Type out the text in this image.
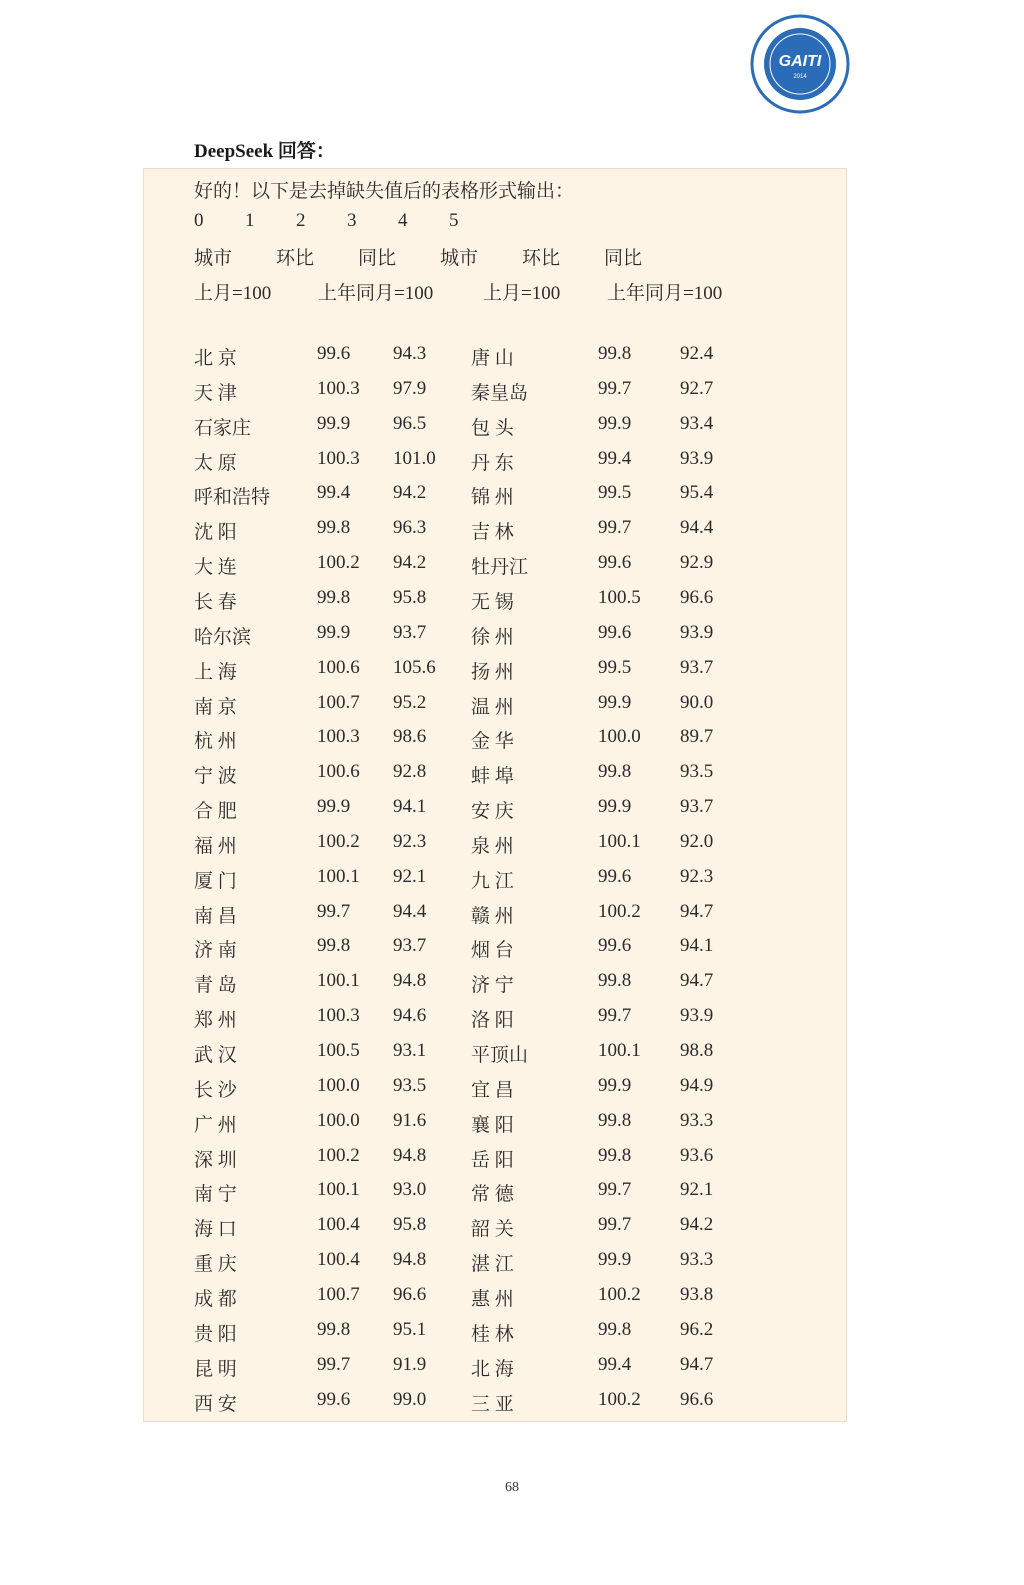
GAITI
2014
DeepSeek 回答：
好的！以下是去掉缺失值后的表格形式输出：
0 1 2 3 4 5
城市 环比 同比 城市 环比 同比
上月=100 上年同月=100	上月=100 上年同月=100
北 京	99.6 94.3 唐 山	99.8	92.4
天 津	100.3 97.9 秦皇岛	99.7	92.7
石家庄	99.9 96.5 包 头	99.9	93.4
太 原	100.3 101.0 丹 东	99.4	93.9
呼和浩特 99.4 94.2 锦 州	99.5	95.4
沈 阳	99.8 96.3 吉 林	99.7	94.4
大 连	100.2 94.2 牡丹江	99.6	92.9
长 春	99.8 95.8 无 锡	100.5 96.6
哈尔滨	99.9 93.7 徐 州	99.6	93.9
上 海	100.6 105.6 扬 州	99.5	93.7
南 京	100.7 95.2 温 州	99.9	90.0
杭 州	100.3 98.6 金 华	100.0 89.7
宁 波	100.6 92.8 蚌 埠	99.8	93.5
合 肥	99.9 94.1 安 庆	99.9	93.7
福 州	100.2 92.3 泉 州	100.1 92.0
厦 门	100.1 92.1 九 江	99.6	92.3
南 昌	99.7 94.4 赣 州	100.2 94.7
济 南	99.8 93.7 烟 台	99.6	94.1
青 岛	100.1 94.8 济 宁	99.8	94.7
郑 州	100.3 94.6 洛 阳	99.7	93.9
武 汉	100.5 93.1 平顶山	100.1 98.8
长 沙	100.0 93.5 宜 昌	99.9	94.9
广 州	100.0 91.6 襄 阳	99.8	93.3
深 圳	100.2 94.8 岳 阳	99.8	93.6
南 宁	100.1 93.0 常 德	99.7	92.1
海 口	100.4 95.8 韶 关	99.7	94.2
重 庆	100.4 94.8 湛 江	99.9	93.3
成 都	100.7 96.6 惠 州	100.2 93.8
贵 阳	99.8 95.1 桂 林	99.8	96.2
昆 明	99.7 91.9 北 海	99.4	94.7
西 安	99.6 99.0 三 亚	100.2 96.6
68
